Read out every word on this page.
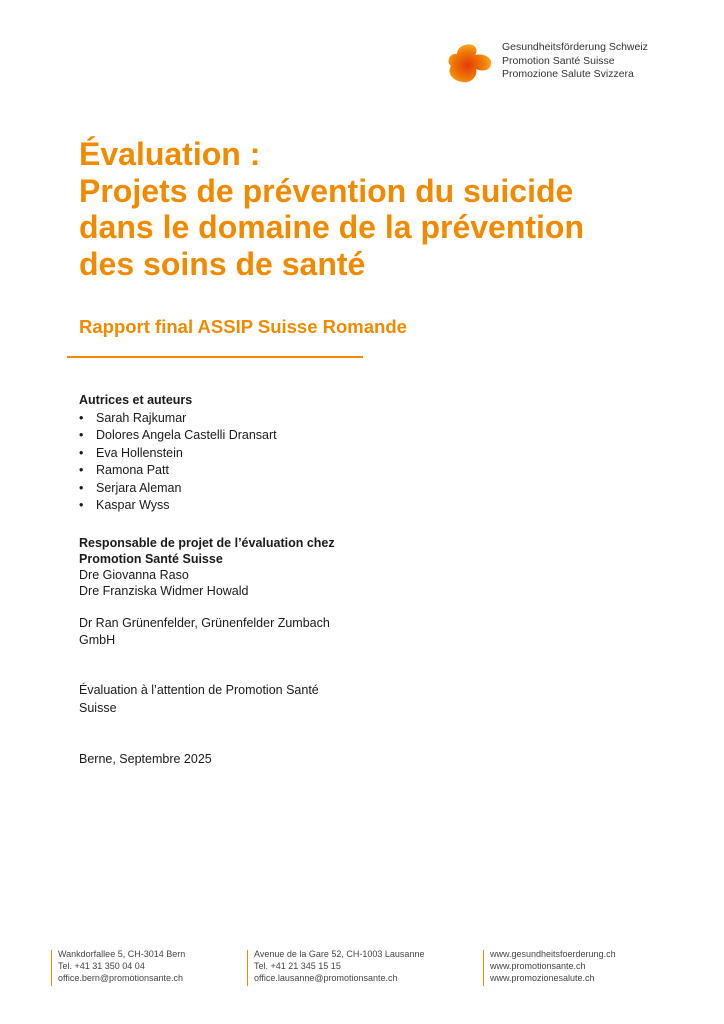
Gesundheitsförderung Schweiz
Promotion Santé Suisse
Promozione Salute Svizzera
Évaluation :
Projets de prévention du suicide
dans le domaine de la prévention
des soins de santé
Rapport final ASSIP Suisse Romande
Autrices et auteurs
• Sarah Rajkumar
• Dolores Angela Castelli Dransart
• Eva Hollenstein
• Ramona Patt
• Serjara Aleman
• Kaspar Wyss
Responsable de projet de l’évaluation chez
Promotion Santé Suisse
Dre Giovanna Raso
Dre Franziska Widmer Howald
Dr Ran Grünenfelder, Grünenfelder Zumbach GmbH
Évaluation à l’attention de Promotion Santé Suisse
Berne, Septembre 2025
Wankdorfallee 5, CH-3014 Bern
Tel. +41 31 350 04 04
office.bern@promotionsante.ch
Avenue de la Gare 52, CH-1003 Lausanne
Tel. +41 21 345 15 15
office.lausanne@promotionsante.ch
www.gesundheitsfoerderung.ch
www.promotionsante.ch
www.promozionesalute.ch
